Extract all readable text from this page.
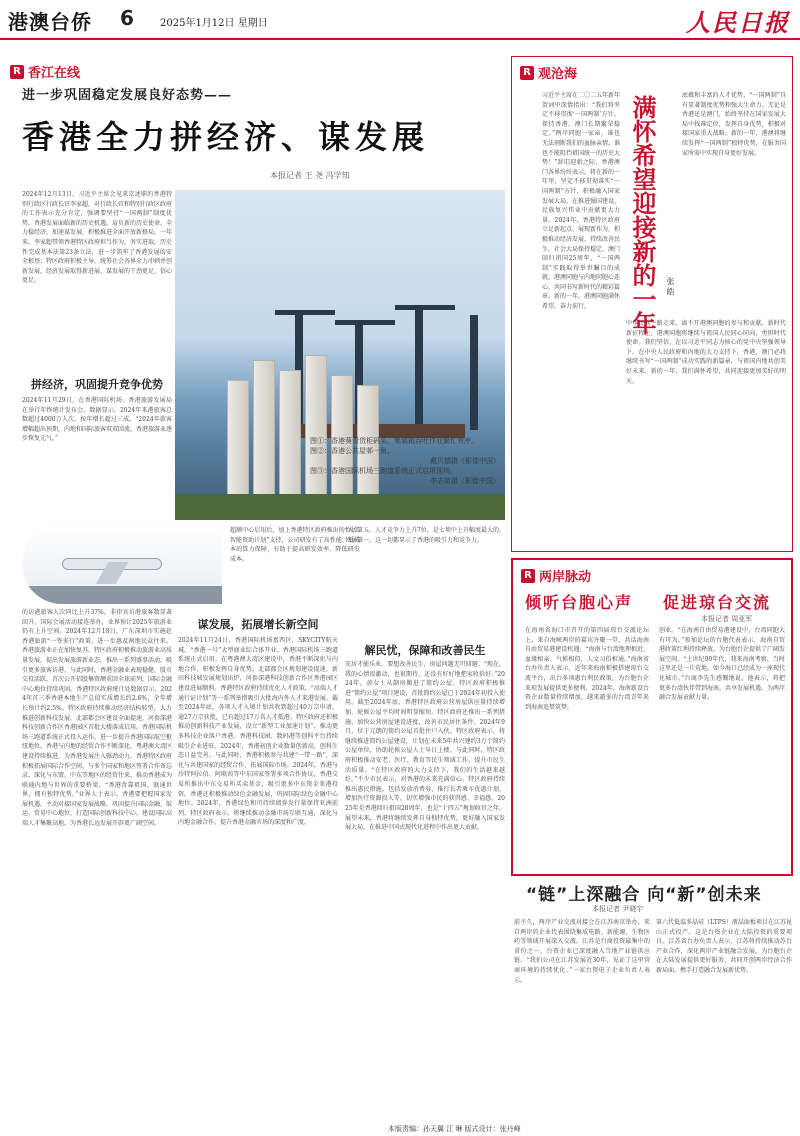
港澳台侨 6	2025年1月12日 星期日	人民日报
R 香江在线
进一步巩固稳定发展良好态势——
香港全力拼经济、谋发展
本报记者 王 尧 冯学知
2024年12月13日，习近平主席会见来京述职的香港特别行政区行政长官李家超，对行政长官和特别行政区政府的工作表示充分肯定，强调要坚持“一国两制”制度优势，香港发展面临新的历史机遇，肩负新的历史使命。全力稳经济、加速谋发展，积极推进全面开放新格局。一年来，李家超带领香港特区政府担当作为，务实进取，历史性完成基本法第23条立法，进一步筑牢了香港发展的安全根基；特区政府积极主导、统筹社会各界全力冲刺并创新发展，经济发展取得新进展，谋发展的干劲更足、信心更足。
拼经济，巩固提升竞争优势
2024年11月29日，在香港国际机场，香港旅游发展局在举行年终统计发布会。数据显示，2024年来港旅客总数超过4000万人次，按年增长超过三成。“2024年旅客增幅超出预期，内地和国际旅客双双回流。香港旅游业逐步恢复元气。”	图①：香港葵青货柜码头，集装箱吞吐作业繁忙有序。
图②：香港公共屋邨一角。
戴贝德摄（影像中国）
图③：香港国际机场三跑道系统正式启用现场。
李志帝摄（影像中国）
超额中心启用后，加上香港特区政府推出的“人工智能资助计划”支持，公司研发有了高性能、低成本的算力保障，有助于提高研发效率、降低研发成本。
位居第五。人才竞争力上升7位，是七项中上升幅度最大的。位居第一。这一切都显示了香港的吸引力和竞争力。
的访港旅客人次同比上升37%，非律宾访港旅客数显著回升。国际会展活动接连举办，业界预计2025年旅游业仍有上升空间。2024年12月18日，广东深圳市实施赴香港旅游“一签多行”政策，进一步惠及两地民众往来。香港旅游业正在加快复苏。特区政府积极推动旅游业高质量发展，提出发展旅游新业态，推出一系列盛事活动，吸引更多旅客访港。与此同时，香港金融业表现稳健，股市交投活跃，首次公开招股集资额重回全球前列，国际金融中心地位持续巩固。香港特区政府统计处数据显示，2024年首三季香港本地生产总值实质增长约2.6%，全年增长预计约2.5%。特区政府持续推动经济结构转型，大力推进创新科技发展，北部都会区建设全面提速，河套深港科技创新合作区香港园区首批大楼落成启用。香港国际机场三跑道系统正式投入运作，进一步提升香港国际航空枢纽地位。香港与内地的经贸合作不断深化，粤港澳大湾区建设持续推进，为香港发展注入强劲动力。香港特区政府积极拓展国际合作空间，与多个国家和地区签署合作备忘录，深化与东盟、中东等地区的经贸往来，推动香港成为联通内地与世界的重要桥梁。“香港背靠祖国、联通世界，拥有独特优势。”业界人士表示，香港要把握国家发展机遇，主动对接国家发展战略，巩固提升国际金融、航运、贸易中心地位，打造国际创新科技中心，建设国际高端人才集聚高地，为香港长远发展开辟更广阔空间。
谋发展，拓展增长新空间
2024年11月24日，香港国际机场富西区，SKYCITY航天城，“香港一号”大型商业综合体开业。香港国际机场三跑道系统正式启用。在粤港澳大湾区建设中，香港不断深化与内地合作，积极发挥自身优势。北部都会区规划建设提速，新田科技城发展规划出炉，河套深港科技创新合作区香港园区建设进展顺利。香港特区政府持续优化人才政策，“高端人才通行证计划”等一系列举措吸引大批海内外人才来港发展。截至2024年底，各项人才入境计划共收到超过40万宗申请，逾27万宗获批，已有超过17万名人才抵港。特区政府还积极推动创新科技产业发展，设立“新型工业加速计划”，推动更多科技企业落户香港。香港科技园、数码港等创科平台持续吸引企业进驻。2024年，香港初创企业数量创新高，创科生态日益完善。与此同时，香港积极参与共建“一带一路”，深化与共建国家的经贸合作，拓展国际市场。2024年，香港与沙特阿拉伯、阿联酋等中东国家签署多项合作协议，香港交易所推出中东交易所买卖基金，吸引更多中东资金来港投资。香港还积极推动绿色金融发展，巩固国际绿色金融中心地位。2024年，香港绿色和可持续债券发行量保持亚洲前列。特区政府表示，将继续推动金融市场互联互通，深化与内地金融合作，提升香港金融市场的深度和广度。
解民忧，保障和改善民生
安居才能乐业。要想改善民生，房屋问题无可回避。“现在，我的心情很激动，也很期待，还没有好好地把家收拾好。”2024年，黄女士从劏房搬进了简约公屋。特区政府积极推进“简约公屋”项目建设，首批简约公屋已于2024年初投入使用。截至2024年底，香港特区政府公营房屋供应量持续增加，轮候公屋平均时间明显缩短。特区政府还推出一系列措施，加快公营房屋建设进度，改善市民居住条件。2024年9月，位于元朗的简约公屋首批住户入伙。特区政府表示，将继续推进简约公屋建设，计划在未来5年共兴建约3万个简约公屋单位，协助轮候公屋人士早日上楼。与此同时，特区政府积极推动安老、医疗、教育等民生领域工作，提升市民生活质量。“在特区政府的大力支持下，我们的生活越来越好。”不少市民表示，对香港的未来充满信心。特区政府持续推出惠民措施，包括发放消费券、推行长者乘车优惠计划、增加医疗资源投入等，切实增强市民的获得感、幸福感。2025年是香港回归祖国28周年，也是“十四五”规划收官之年。展望未来，香港将继续发挥自身独特优势，更好融入国家发展大局，在推进中国式现代化进程中作出更大贡献。
本版责编：孙天翼 江 琳 版式设计：张丹峰
R 观沧海
习近平主席在二〇二五年新年贺词中深情指出：“我们将坚定不移贯彻‘一国两制’方针，保持香港、澳门长期繁荣稳定。”两岸同胞一家亲，谁也无法割断我们的血脉亲情。谁也不能阻挡祖国统一的历史大势！”辞旧迎新之际，香港澳门各界纷纷表示，将在新的一年里，坚定不移贯彻落实“一国两制”方针，积极融入国家发展大局，在推进强国建设、民族复兴伟业中贡献更大力量。2024年，香港特区政府立足新起点、展现新作为，积极推动经济发展，持续改善民生，社会大局保持稳定。澳门回归祖国25周年，“一国两制”实践取得举世瞩目的成就。港澳同胞与内地同胞心连心，共同书写新时代的精彩篇章。新的一年，港澳同胞满怀希望，奋力前行。	满怀希望迎接新的一年	张 皓
底蕴和丰富的人才优势，“一国两制”具有显著制度优势和强大生命力。无论是香港还是澳门，始终坚持在国家发展大局中找准定位，发挥自身优势，积极对接国家重大战略。新的一年，港澳将继续发挥“一国两制”独特优势，在服务国家所需中实现自身更好发展。
中华民族一路走来，离不开港澳同胞的参与和贡献。新时代新征程上，港澳同胞将继续与祖国人民同心同向，勇担时代使命。我们坚信，在以习近平同志为核心的党中央坚强领导下，在中央人民政府和内地的大力支持下，香港、澳门必将继续书写“一国两制”成功实践的新篇章，与祖国内地共创美好未来。新的一年，我们满怀希望，共同迎接更加美好的明天。
R 两岸脉动
倾听台胞心声 促进琼台交流
本报记者 周亚军
在海南省海口市召开的第四届琼台交流论坛上，来自海峡两岸的嘉宾齐聚一堂，共话海南自由贸易港建设机遇。“海南与台湾地理相近、血缘相亲、气候相似，人文习俗相通。”海南省台办负责人表示，近年来海南积极搭建琼台交流平台，出台多项惠台利民政策，为台胞台企来琼发展提供更多便利。2024年，海南新设台资企业数量持续增加，越来越多的台湾青年来到海南追梦筑梦。
创业。“在海南自由贸易港建设中，台湾同胞大有可为。”参加论坛的台胞代表表示，海南自贸港政策红利持续释放，为台胞台企提供了广阔发展空间。“上世纪90年代，我来海南考察，当时这里还是一片荒地。如今海口已经成为一座现代化城市。”台商李先生感慨地说。他表示，将把更多台湾伙伴带到海南，共享发展机遇，为两岸融合发展贡献力量。
“链”上深融合 向“新”创未来
本报记者 尹晓宇
前不久，两岸产业交流对接会在江苏南京举办，来自两岸的企业代表围绕集成电路、新能源、生物医药等领域开展深入交流。江苏是台商投资最集中的省份之一，台资企业已深度融入当地产业链供应链。“我们公司在江苏发展近30年，见证了这里营商环境的持续优化。”一家台资电子企业负责人表示。
第六代低温多晶硅（LTPS）液晶面板项目在江苏昆山正式投产。这是台资企业在大陆投资的重要项目。江苏省台办负责人表示，江苏将持续推动苏台产业合作，深化两岸产业链融合发展，为台胞台企在大陆发展提供更好服务，共同开创两岸经济合作新局面，携手打造融合发展新优势。
